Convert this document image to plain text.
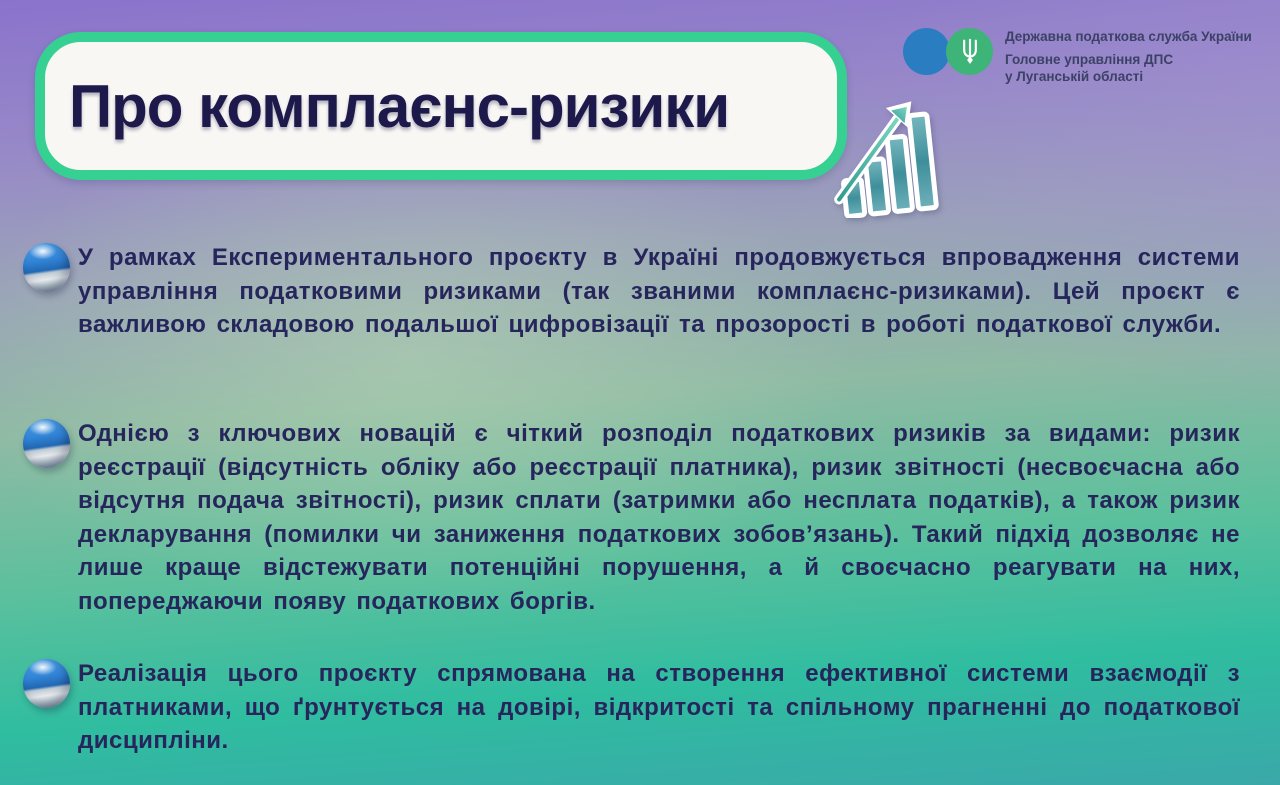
Про комплаєнс-ризики
Державна податкова служба України
Головне управління ДПС
у Луганській області

У рамках Експериментального проєкту в Україні продовжується впровадження системи управління податковими ризиками (так званими комплаєнс-ризиками). Цей проєкт є важливою складовою подальшої цифровізації та прозорості в роботі податкової служби.

Однією з ключових новацій є чіткий розподіл податкових ризиків за видами: ризик реєстрації (відсутність обліку або реєстрації платника), ризик звітності (несвоєчасна або відсутня подача звітності), ризик сплати (затримки або несплата податків), а також ризик декларування (помилки чи заниження податкових зобов’язань). Такий підхід дозволяє не лише краще відстежувати потенційні порушення, а й своєчасно реагувати на них, попереджаючи появу податкових боргів.

Реалізація цього проєкту спрямована на створення ефективної системи взаємодії з платниками, що ґрунтується на довірі, відкритості та спільному прагненні до податкової дисципліни.
